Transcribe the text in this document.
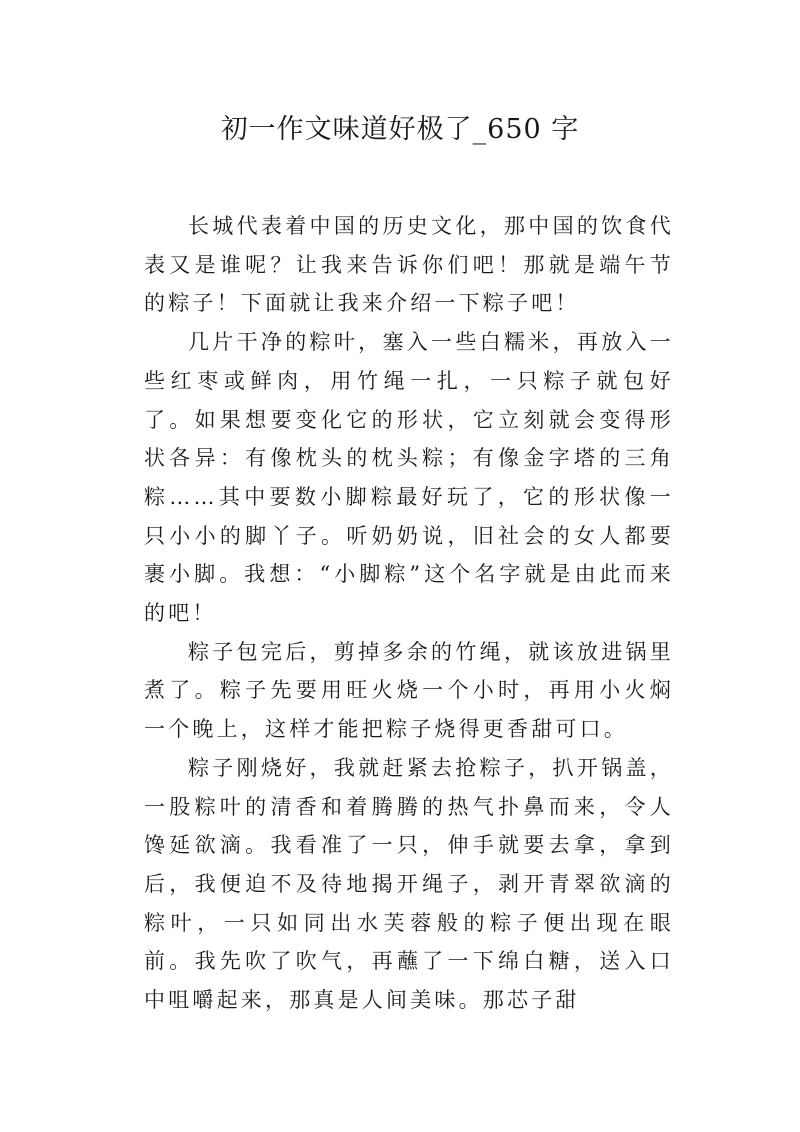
初一作文味道好极了_650 字

长城代表着中国的历史文化，那中国的饮食代表又是谁呢？让我来告诉你们吧！那就是端午节的粽子！下面就让我来介绍一下粽子吧！

几片干净的粽叶，塞入一些白糯米，再放入一些红枣或鲜肉，用竹绳一扎，一只粽子就包好了。如果想要变化它的形状，它立刻就会变得形状各异：有像枕头的枕头粽；有像金字塔的三角粽……其中要数小脚粽最好玩了，它的形状像一只小小的脚丫子。听奶奶说，旧社会的女人都要裹小脚。我想：“小脚粽”这个名字就是由此而来的吧！

粽子包完后，剪掉多余的竹绳，就该放进锅里煮了。粽子先要用旺火烧一个小时，再用小火焖一个晚上，这样才能把粽子烧得更香甜可口。

粽子刚烧好，我就赶紧去抢粽子，扒开锅盖，一股粽叶的清香和着腾腾的热气扑鼻而来，令人馋延欲滴。我看准了一只，伸手就要去拿，拿到后，我便迫不及待地揭开绳子，剥开青翠欲滴的粽叶，一只如同出水芙蓉般的粽子便出现在眼前。我先吹了吹气，再蘸了一下绵白糖，送入口中咀嚼起来，那真是人间美味。那芯子甜
